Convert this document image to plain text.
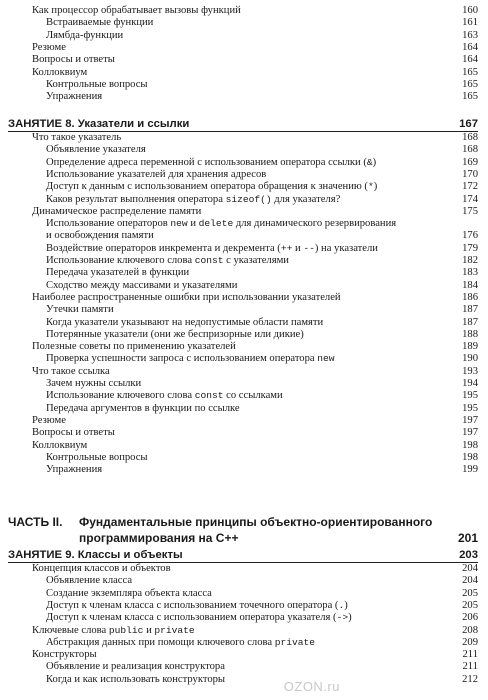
Как процессор обрабатывает вызовы функций	160
Встраиваемые функции	161
Лямбда-функции	163
Резюме	164
Вопросы и ответы	164
Коллоквиум	165
Контрольные вопросы	165
Упражнения	165
ЗАНЯТИЕ 8. Указатели и ссылки	167
Что такое указатель	168
Объявление указателя	168
Определение адреса переменной с использованием оператора ссылки (&)	169
Использование указателей для хранения адресов	170
Доступ к данным с использованием оператора обращения к значению (*)	172
Каков результат выполнения оператора sizeof() для указателя?	174
Динамическое распределение памяти	175
Использование операторов new и delete для динамического резервирования
и освобождения памяти	176
Воздействие операторов инкремента и декремента (++ и --) на указатели	179
Использование ключевого слова const с указателями	182
Передача указателей в функции	183
Сходство между массивами и указателями	184
Наиболее распространенные ошибки при использовании указателей	186
Утечки памяти	187
Когда указатели указывают на недопустимые области памяти	187
Потерянные указатели (они же беспризорные или дикие)	188
Полезные советы по применению указателей	189
Проверка успешности запроса с использованием оператора new	190
Что такое ссылка	193
Зачем нужны ссылки	194
Использование ключевого слова const со ссылками	195
Передача аргументов в функции по ссылке	195
Резюме	197
Вопросы и ответы	197
Коллоквиум	198
Контрольные вопросы	198
Упражнения	199
ЧАСТЬ II. Фундаментальные принципы объектно-ориентированного программирования на С++	201
ЗАНЯТИЕ 9. Классы и объекты	203
Концепция классов и объектов	204
Объявление класса	204
Создание экземпляра объекта класса	205
Доступ к членам класса с использованием точечного оператора (.)	205
Доступ к членам класса с использованием оператора указателя (->)	206
Ключевые слова public и private	208
Абстракция данных при помощи ключевого слова private	209
Конструкторы	211
Объявление и реализация конструктора	211
Когда и как использовать конструкторы	212
OZON.ru
